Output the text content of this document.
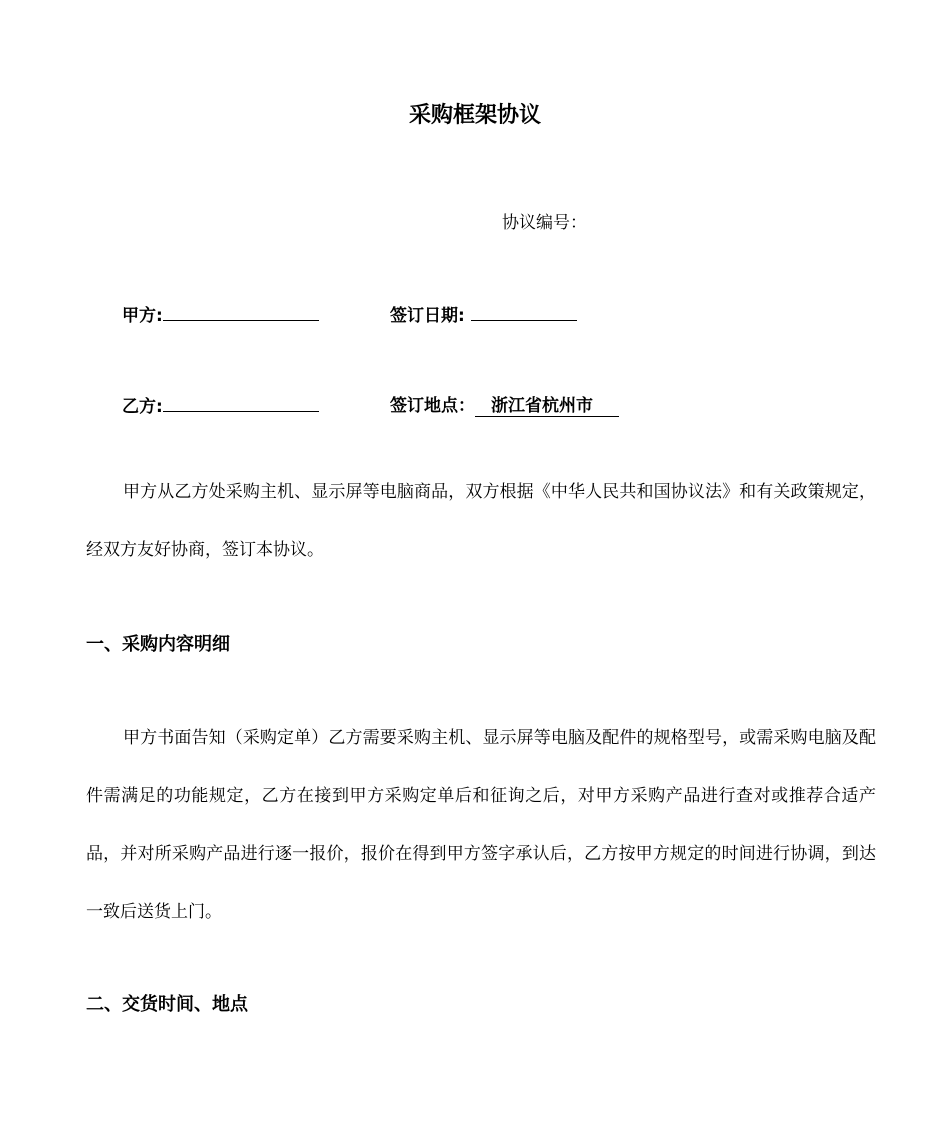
采购框架协议
协议编号：
甲方:	签订日期:
乙方:	签订地点： 浙江省杭州市

甲方从乙方处采购主机、显示屏等电脑商品，双方根据《中华人民共和国协议法》和有关政策规定，经双方友好协商，签订本协议。

一、采购内容明细

甲方书面告知（采购定单）乙方需要采购主机、显示屏等电脑及配件的规格型号，或需采购电脑及配件需满足的功能规定，乙方在接到甲方采购定单后和征询之后，对甲方采购产品进行查对或推荐合适产品，并对所采购产品进行逐一报价，报价在得到甲方签字承认后，乙方按甲方规定的时间进行协调，到达一致后送货上门。

二、交货时间、地点
